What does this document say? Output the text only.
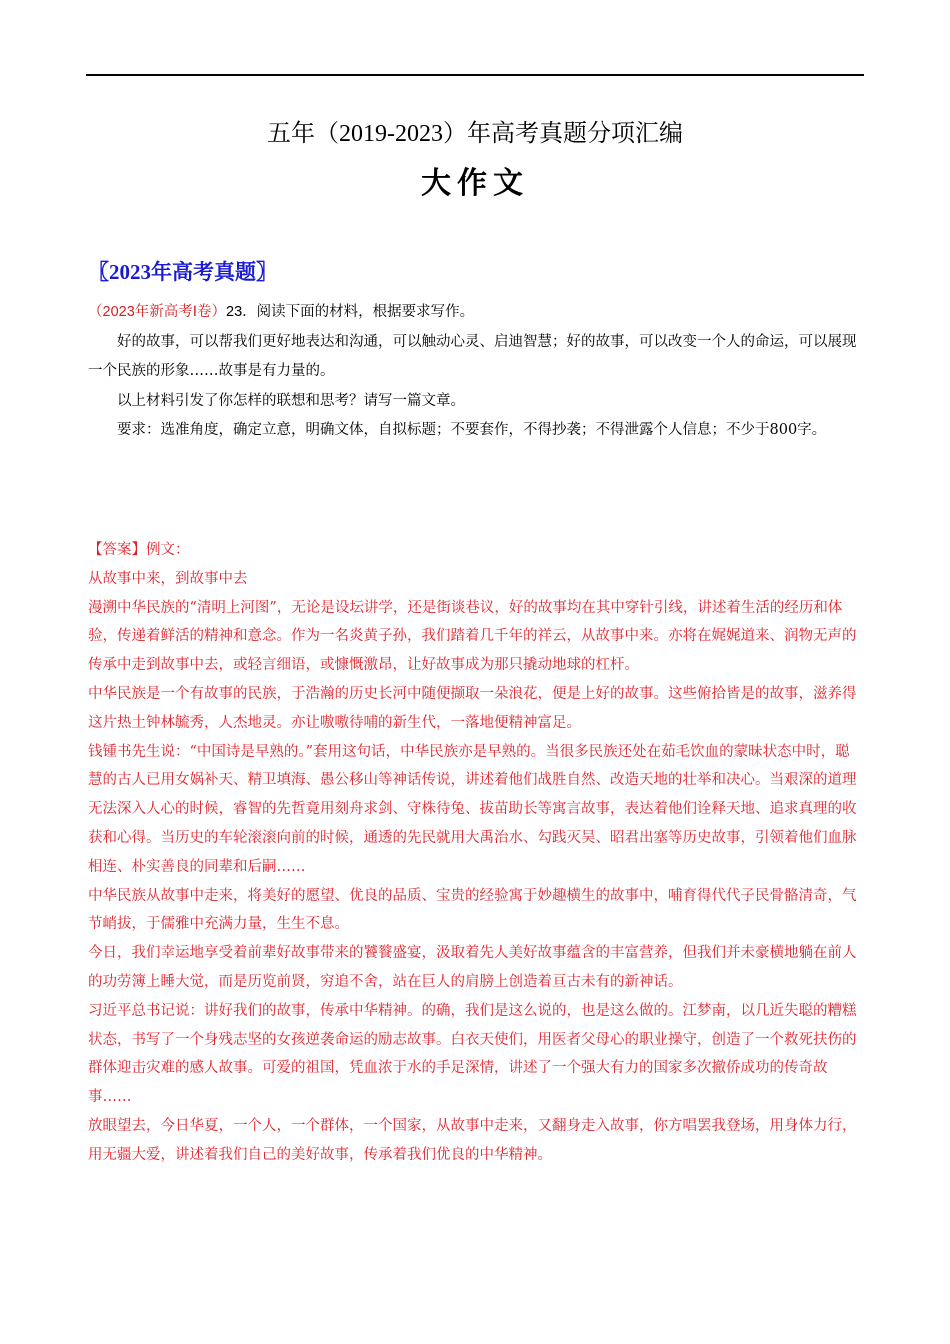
五年（2019-2023）年高考真题分项汇编
大作文
〖2023年高考真题〗

（2023年新高考Ⅰ卷）23．阅读下面的材料，根据要求写作。

好的故事，可以帮我们更好地表达和沟通，可以触动心灵、启迪智慧；好的故事，可以改变一个人的命运，可以展现一个民族的形象……故事是有力量的。

以上材料引发了你怎样的联想和思考？请写一篇文章。

要求：选准角度，确定立意，明确文体，自拟标题；不要套作，不得抄袭；不得泄露个人信息；不少于800字。

【答案】例文：

从故事中来，到故事中去

漫溯中华民族的“清明上河图”，无论是设坛讲学，还是街谈巷议，好的故事均在其中穿针引线，讲述着生活的经历和体验，传递着鲜活的精神和意念。作为一名炎黄子孙，我们踏着几千年的祥云，从故事中来。亦将在娓娓道来、润物无声的传承中走到故事中去，或轻言细语，或慷慨激昂，让好故事成为那只撬动地球的杠杆。

中华民族是一个有故事的民族，于浩瀚的历史长河中随便撷取一朵浪花，便是上好的故事。这些俯拾皆是的故事，滋养得这片热土钟林毓秀，人杰地灵。亦让嗷嗷待哺的新生代，一落地便精神富足。

钱锺书先生说：“中国诗是早熟的。”套用这句话，中华民族亦是早熟的。当很多民族还处在茹毛饮血的蒙昧状态中时，聪慧的古人已用女娲补天、精卫填海、愚公移山等神话传说，讲述着他们战胜自然、改造天地的壮举和决心。当艰深的道理无法深入人心的时候，睿智的先哲竟用刻舟求剑、守株待兔、拔苗助长等寓言故事，表达着他们诠释天地、追求真理的收获和心得。当历史的车轮滚滚向前的时候，通透的先民就用大禹治水、勾践灭吴、昭君出塞等历史故事，引领着他们血脉相连、朴实善良的同辈和后嗣……

中华民族从故事中走来，将美好的愿望、优良的品质、宝贵的经验寓于妙趣横生的故事中，哺育得代代子民骨骼清奇，气节峭拔，于儒雅中充满力量，生生不息。

今日，我们幸运地享受着前辈好故事带来的饕餮盛宴，汲取着先人美好故事蕴含的丰富营养，但我们并未豪横地躺在前人的功劳簿上睡大觉，而是历览前贤，穷追不舍，站在巨人的肩膀上创造着亘古未有的新神话。

习近平总书记说：讲好我们的故事，传承中华精神。的确，我们是这么说的，也是这么做的。江梦南，以几近失聪的糟糕状态，书写了一个身残志坚的女孩逆袭命运的励志故事。白衣天使们，用医者父母心的职业操守，创造了一个救死扶伤的群体迎击灾难的感人故事。可爱的祖国，凭血浓于水的手足深情，讲述了一个强大有力的国家多次撤侨成功的传奇故事……

放眼望去，今日华夏，一个人，一个群体，一个国家，从故事中走来，又翻身走入故事，你方唱罢我登场，用身体力行，用无疆大爱，讲述着我们自己的美好故事，传承着我们优良的中华精神。
